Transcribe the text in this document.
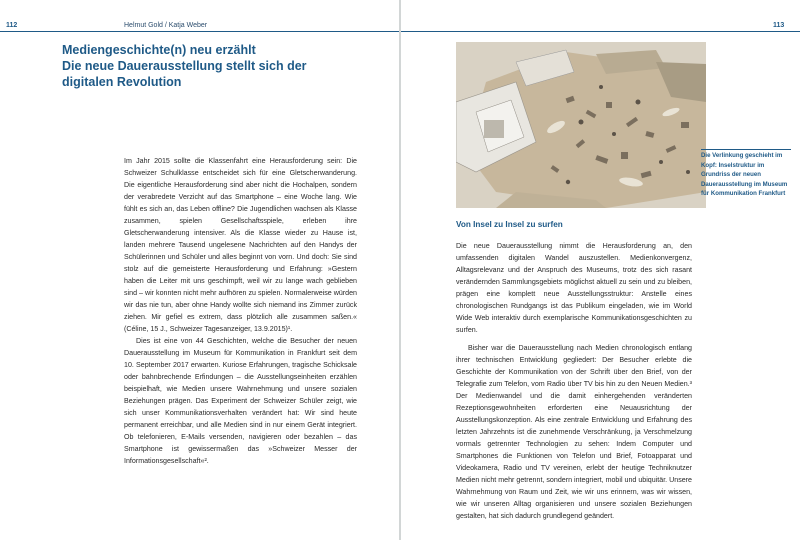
112	Helmut Gold / Katja Weber
Mediengeschichte(n) neu erzählt
Die neue Dauerausstellung stellt sich der
digitalen Revolution

Im Jahr 2015 sollte die Klassenfahrt eine Herausforderung sein: Die Schweizer Schulklasse entscheidet sich für eine Gletscherwanderung. Die eigentliche Herausforderung sind aber nicht die Hochalpen, sondern der verabredete Verzicht auf das Smartphone – eine Woche lang. Wie fühlt es sich an, das Leben offline? Die Jugendlichen wachsen als Klasse zusammen, spielen Gesellschaftsspiele, erleben ihre Gletscherwanderung intensiver. Als die Klasse wieder zu Hause ist, landen mehrere Tausend ungelesene Nachrichten auf den Handys der Schülerinnen und Schüler und alles beginnt von vorn. Und doch: Sie sind stolz auf die gemeisterte Herausforderung und Erfahrung: »Gestern haben die Leiter mit uns geschimpft, weil wir zu lange wach geblieben sind – wir konnten nicht mehr aufhören zu spielen. Normalerweise würden wir das nie tun, aber ohne Handy wollte sich niemand ins Zimmer zurück ziehen. Mir gefiel es extrem, dass plötzlich alle zusammen saßen.« (Céline, 15 J., Schweizer Tagesanzeiger, 13.9.2015)¹.

Dies ist eine von 44 Geschichten, welche die Besucher der neuen Dauerausstellung im Museum für Kommunikation in Frankfurt seit dem 10. September 2017 erwarten. Kuriose Erfahrungen, tragische Schicksale oder bahnbrechende Erfindungen – die Ausstellungseinheiten erzählen beispielhaft, wie Medien unsere Wahrnehmung und unsere sozialen Beziehungen prägen. Das Experiment der Schweizer Schüler zeigt, wie sich unser Kommunikationsverhalten verändert hat: Wir sind heute permanent erreichbar, und alle Medien sind in nur einem Gerät integriert. Ob telefonieren, E-Mails versenden, navigieren oder bezahlen – das Smartphone ist gewissermaßen das »Schweizer Messer der Informationsgesellschaft«².

113
Die Verlinkung geschieht im Kopf: Inselstruktur im Grundriss der neuen Dauerausstellung im Museum für Kommunikation Frankfurt
Von Insel zu Insel zu surfen

Die neue Dauerausstellung nimmt die Herausforderung an, den umfassenden digitalen Wandel auszustellen. Medienkonvergenz, Alltagsrelevanz und der Anspruch des Museums, trotz des sich rasant verändernden Sammlungsgebiets möglichst aktuell zu sein und zu bleiben, prägen eine komplett neue Ausstellungsstruktur: Anstelle eines chronologischen Rundgangs ist das Publikum eingeladen, wie im World Wide Web interaktiv durch exemplarische Kommunikationsgeschichten zu surfen.

Bisher war die Dauerausstellung nach Medien chronologisch entlang ihrer technischen Entwicklung gegliedert: Der Besucher erlebte die Geschichte der Kommunikation von der Schrift über den Brief, von der Telegrafie zum Telefon, vom Radio über TV bis hin zu den Neuen Medien.³ Der Medienwandel und die damit einhergehenden veränderten Rezeptionsgewohnheiten erforderten eine Neuausrichtung der Ausstellungskonzeption. Als eine zentrale Entwicklung und Erfahrung des letzten Jahrzehnts ist die zunehmende Verschränkung, ja Verschmelzung vormals getrennter Technologien zu sehen: Indem Computer und Smartphones die Funktionen von Telefon und Brief, Fotoapparat und Videokamera, Radio und TV vereinen, erlebt der heutige Techniknutzer Medien nicht mehr getrennt, sondern integriert, mobil und ubiquitär. Unsere Wahrnehmung von Raum und Zeit, wie wir uns erinnern, was wir wissen, wie wir unseren Alltag organisieren und unsere sozialen Beziehungen gestalten, hat sich dadurch grundlegend geändert.
